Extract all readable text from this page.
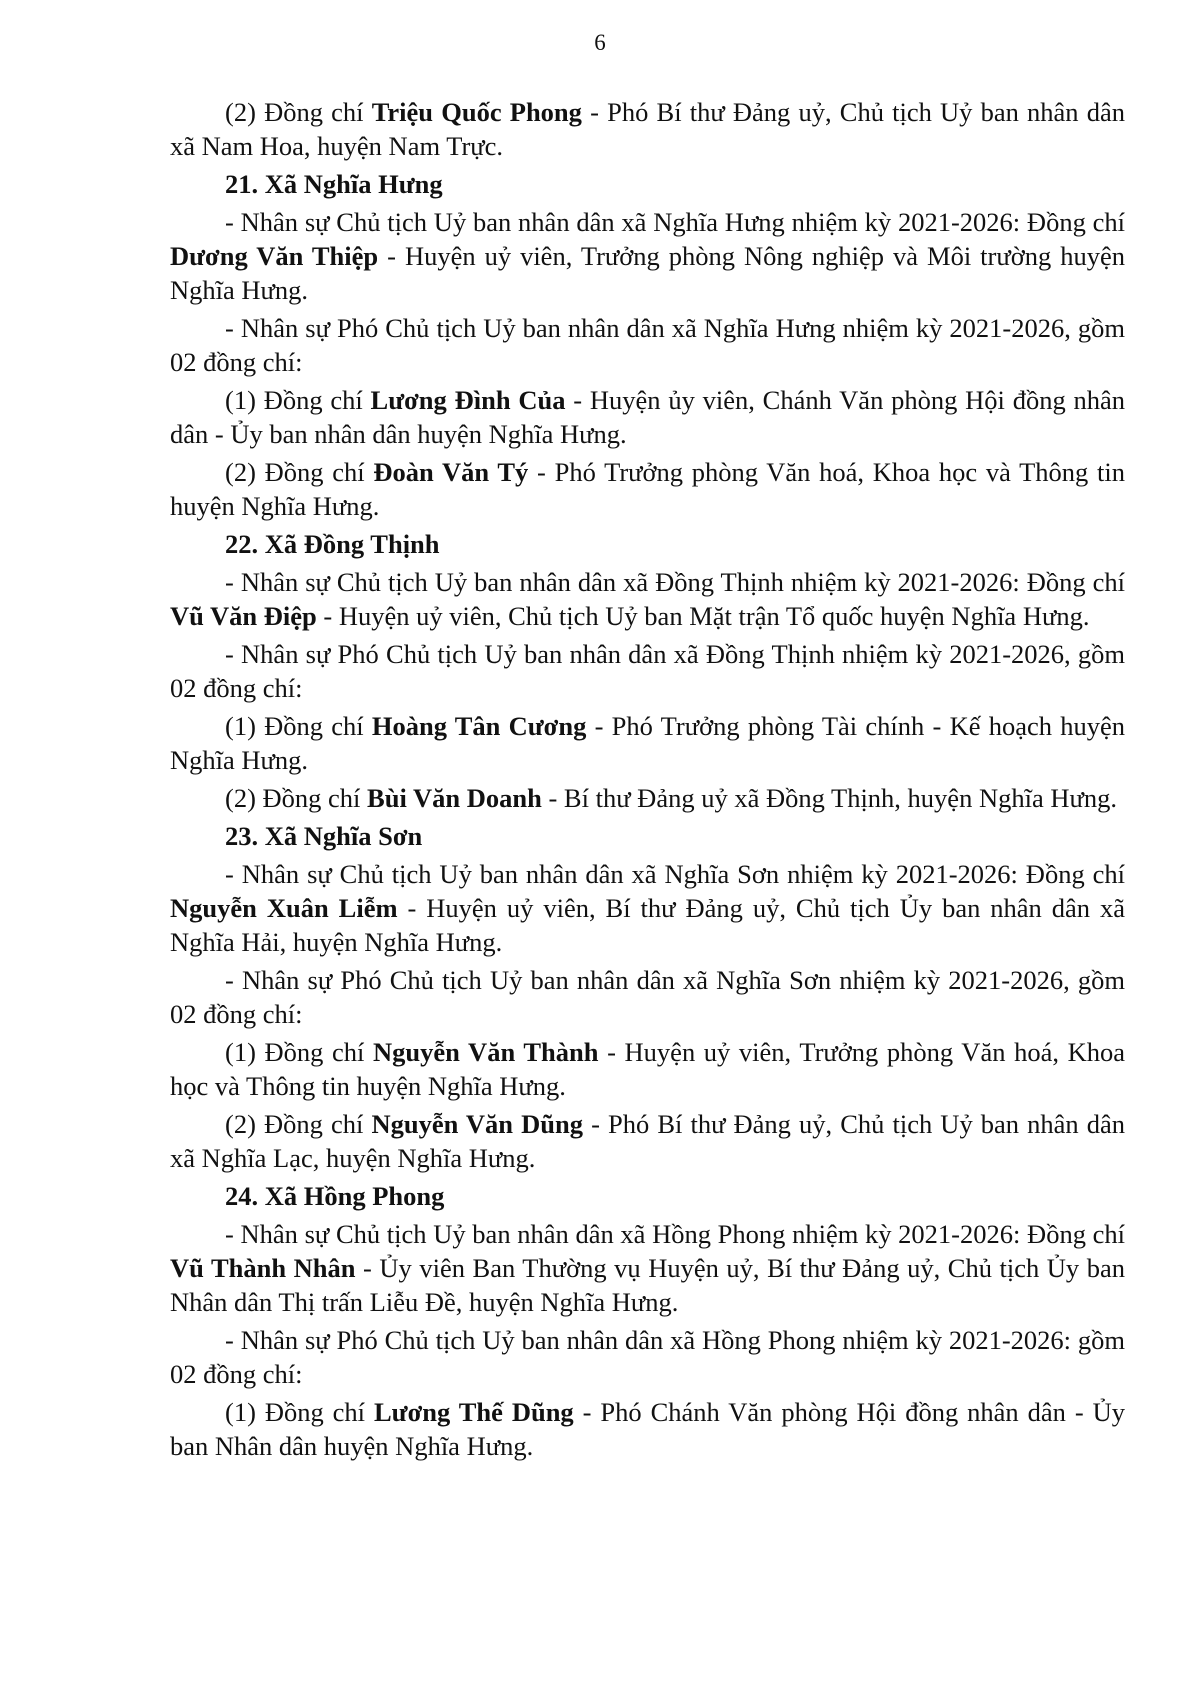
6

(2) Đồng chí Triệu Quốc Phong - Phó Bí thư Đảng uỷ, Chủ tịch Uỷ ban nhân dân xã Nam Hoa, huyện Nam Trực.

21. Xã Nghĩa Hưng

- Nhân sự Chủ tịch Uỷ ban nhân dân xã Nghĩa Hưng nhiệm kỳ 2021-2026: Đồng chí Dương Văn Thiệp - Huyện uỷ viên, Trưởng phòng Nông nghiệp và Môi trường huyện Nghĩa Hưng.

- Nhân sự Phó Chủ tịch Uỷ ban nhân dân xã Nghĩa Hưng nhiệm kỳ 2021-2026, gồm 02 đồng chí:

(1) Đồng chí Lương Đình Của - Huyện ủy viên, Chánh Văn phòng Hội đồng nhân dân - Ủy ban nhân dân huyện Nghĩa Hưng.

(2) Đồng chí Đoàn Văn Tý - Phó Trưởng phòng Văn hoá, Khoa học và Thông tin huyện Nghĩa Hưng.

22. Xã Đồng Thịnh

- Nhân sự Chủ tịch Uỷ ban nhân dân xã Đồng Thịnh nhiệm kỳ 2021-2026: Đồng chí Vũ Văn Điệp - Huyện uỷ viên, Chủ tịch Uỷ ban Mặt trận Tổ quốc huyện Nghĩa Hưng.

- Nhân sự Phó Chủ tịch Uỷ ban nhân dân xã Đồng Thịnh nhiệm kỳ 2021-2026, gồm 02 đồng chí:

(1) Đồng chí Hoàng Tân Cương - Phó Trưởng phòng Tài chính - Kế hoạch huyện Nghĩa Hưng.

(2) Đồng chí Bùi Văn Doanh - Bí thư Đảng uỷ xã Đồng Thịnh, huyện Nghĩa Hưng.

23. Xã Nghĩa Sơn

- Nhân sự Chủ tịch Uỷ ban nhân dân xã Nghĩa Sơn nhiệm kỳ 2021-2026: Đồng chí Nguyễn Xuân Liễm - Huyện uỷ viên, Bí thư Đảng uỷ, Chủ tịch Ủy ban nhân dân xã Nghĩa Hải, huyện Nghĩa Hưng.

- Nhân sự Phó Chủ tịch Uỷ ban nhân dân xã Nghĩa Sơn nhiệm kỳ 2021-2026, gồm 02 đồng chí:

(1) Đồng chí Nguyễn Văn Thành - Huyện uỷ viên, Trưởng phòng Văn hoá, Khoa học và Thông tin huyện Nghĩa Hưng.

(2) Đồng chí Nguyễn Văn Dũng - Phó Bí thư Đảng uỷ, Chủ tịch Uỷ ban nhân dân xã Nghĩa Lạc, huyện Nghĩa Hưng.

24. Xã Hồng Phong

- Nhân sự Chủ tịch Uỷ ban nhân dân xã Hồng Phong nhiệm kỳ 2021-2026: Đồng chí Vũ Thành Nhân - Ủy viên Ban Thường vụ Huyện uỷ, Bí thư Đảng uỷ, Chủ tịch Ủy ban Nhân dân Thị trấn Liễu Đề, huyện Nghĩa Hưng.

- Nhân sự Phó Chủ tịch Uỷ ban nhân dân xã Hồng Phong nhiệm kỳ 2021-2026: gồm 02 đồng chí:

(1) Đồng chí Lương Thế Dũng - Phó Chánh Văn phòng Hội đồng nhân dân - Ủy ban Nhân dân huyện Nghĩa Hưng.
